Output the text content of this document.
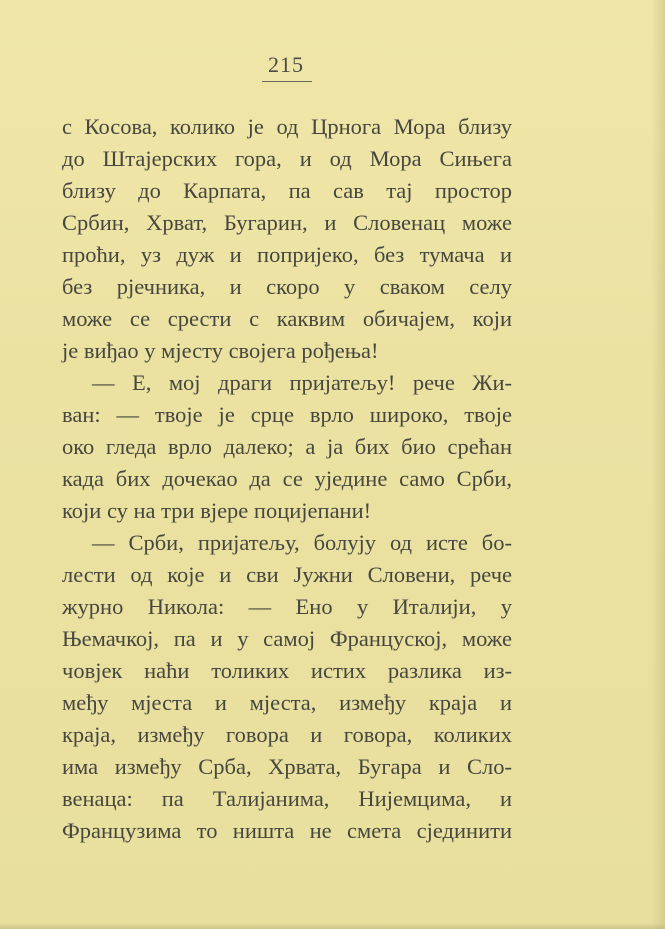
215
с Косова, колико је од Црнога Мора близу
до Штајерских гора, и од Мора Сињега
близу до Карпата, па сав тај простор
Србин, Хрват, Бугарин, и Словенац може
проћи, уз дуж и попријеко, без тумача и
без рјечника, и скоро у сваком селу
може се срести с каквим обичајем, који
је виђао у мјесту својега рођења!
— Е, мој драги пријатељу! рече Жи-
ван: — твоје је срце врло широко, твоје
око гледа врло далеко; а ја бих био срећан
када бих дочекао да се уједине само Срби,
који су на три вјере поцијепани!
— Срби, пријатељу, болују од исте бо-
лести од које и сви Јужни Словени, рече
журно Никола: — Ено у Италији, у
Њемачкој, па и у самој Француској, може
човјек наћи толиких истих разлика из-
међу мјеста и мјеста, између краја и
краја, између говора и говора, коликих
има између Срба, Хрвата, Бугара и Сло-
венаца: па Талијанима, Нијемцима, и
Французима то ништа не смета сјединити
